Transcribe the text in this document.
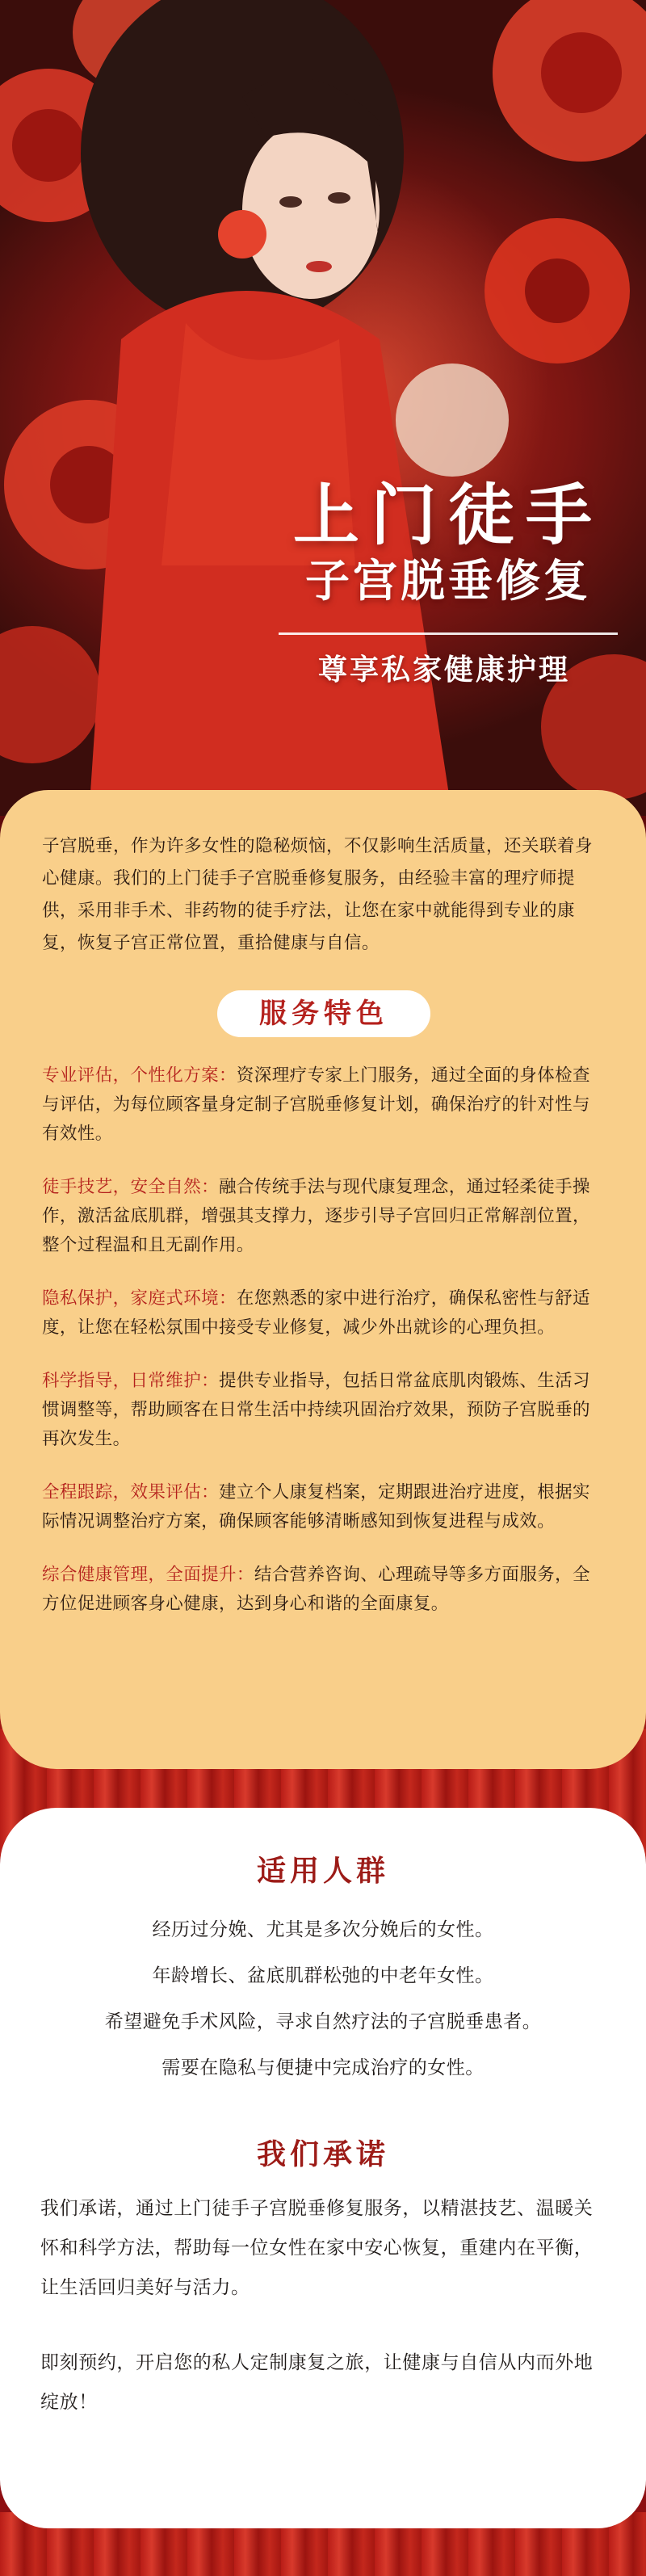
上门徒手
子宫脱垂修复
尊享私家健康护理

子宫脱垂，作为许多女性的隐秘烦恼，不仅影响生活质量，还关联着身心健康。我们的上门徒手子宫脱垂修复服务，由经验丰富的理疗师提供，采用非手术、非药物的徒手疗法，让您在家中就能得到专业的康复，恢复子宫正常位置，重拾健康与自信。

服务特色
专业评估，个性化方案：资深理疗专家上门服务，通过全面的身体检查与评估，为每位顾客量身定制子宫脱垂修复计划，确保治疗的针对性与有效性。
徒手技艺，安全自然：融合传统手法与现代康复理念，通过轻柔徒手操作，激活盆底肌群，增强其支撑力，逐步引导子宫回归正常解剖位置，整个过程温和且无副作用。
隐私保护，家庭式环境：在您熟悉的家中进行治疗，确保私密性与舒适度，让您在轻松氛围中接受专业修复，减少外出就诊的心理负担。
科学指导，日常维护：提供专业指导，包括日常盆底肌肉锻炼、生活习惯调整等，帮助顾客在日常生活中持续巩固治疗效果，预防子宫脱垂的再次发生。
全程跟踪，效果评估：建立个人康复档案，定期跟进治疗进度，根据实际情况调整治疗方案，确保顾客能够清晰感知到恢复进程与成效。
综合健康管理，全面提升：结合营养咨询、心理疏导等多方面服务，全方位促进顾客身心健康，达到身心和谐的全面康复。
适用人群

经历过分娩、尤其是多次分娩后的女性。

年龄增长、盆底肌群松弛的中老年女性。

希望避免手术风险，寻求自然疗法的子宫脱垂患者。

需要在隐私与便捷中完成治疗的女性。

我们承诺

我们承诺，通过上门徒手子宫脱垂修复服务，以精湛技艺、温暖关怀和科学方法，帮助每一位女性在家中安心恢复，重建内在平衡，让生活回归美好与活力。

即刻预约，开启您的私人定制康复之旅，让健康与自信从内而外地绽放！
